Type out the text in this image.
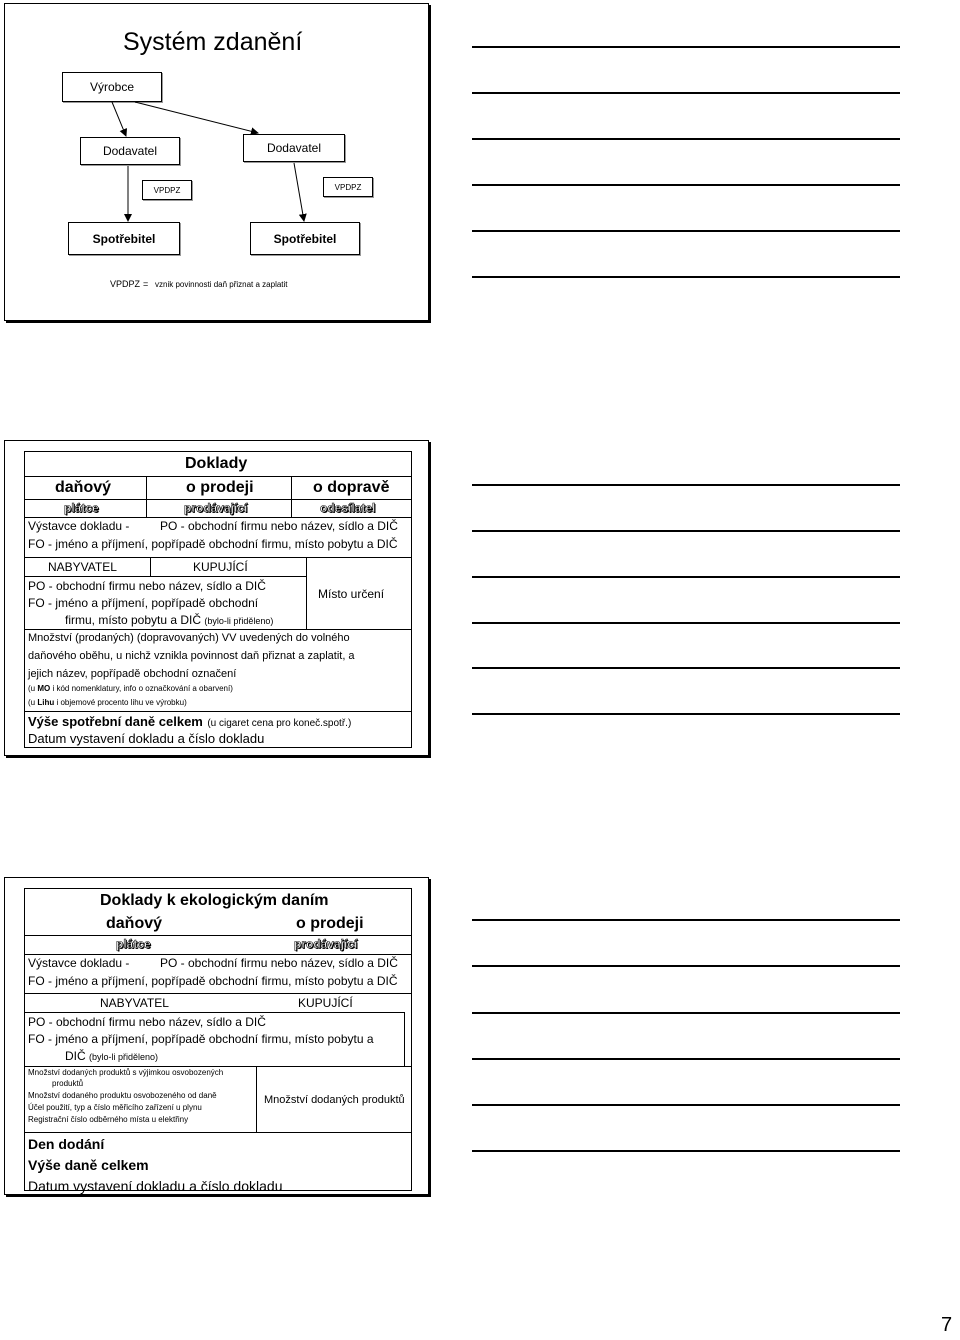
Systém zdanění
Výrobce
Dodavatel	Dodavatel
VPDPZ	VPDPZ
Spotřebitel	Spotřebitel
VPDPZ = vznik povinnosti daň přiznat a zaplatit
Doklady
daňový	o prodeji	o dopravě
plátce	prodávající	odesílatel
Výstavce dokladu -	PO - obchodní firmu nebo název, sídlo a DIČ
FO - jméno a příjmení, popřípadě obchodní firmu, místo pobytu a DIČ
NABYVATEL	KUPUJÍCÍ
PO - obchodní firmu nebo název, sídlo a DIČ
FO - jméno a příjmení, popřípadě obchodní
firmu, místo pobytu a DIČ (bylo-li přiděleno)
Místo určení
Množství (prodaných) (dopravovaných) VV uvedených do volného
daňového oběhu, u nichž vznikla povinnost daň přiznat a zaplatit, a
jejich název, popřípadě obchodní označení
(u MO i kód nomenklatury, info o označkování a obarvení)
(u Lihu i objemové procento lihu ve výrobku)
Výše spotřební daně celkem (u cigaret cena pro koneč.spotř.)
Datum vystavení dokladu a číslo dokladu
Doklady k ekologickým daním
daňový	o prodeji
plátce	prodávající
Výstavce dokladu -	PO - obchodní firmu nebo název, sídlo a DIČ
FO - jméno a příjmení, popřípadě obchodní firmu, místo pobytu a DIČ
NABYVATEL	KUPUJÍCÍ
PO - obchodní firmu nebo název, sídlo a DIČ
FO - jméno a příjmení, popřípadě obchodní firmu, místo pobytu a
DIČ (bylo-li přiděleno)
Množství dodaných produktů s výjimkou osvobozených
produktů
Množství dodaného produktu osvobozeného od daně
Účel použití, typ a číslo měřicího zařízení u plynu
Registrační číslo odběrného místa u elektřiny
Množství dodaných produktů
Den dodání
Výše daně celkem
Datum vystavení dokladu a číslo dokladu
7
